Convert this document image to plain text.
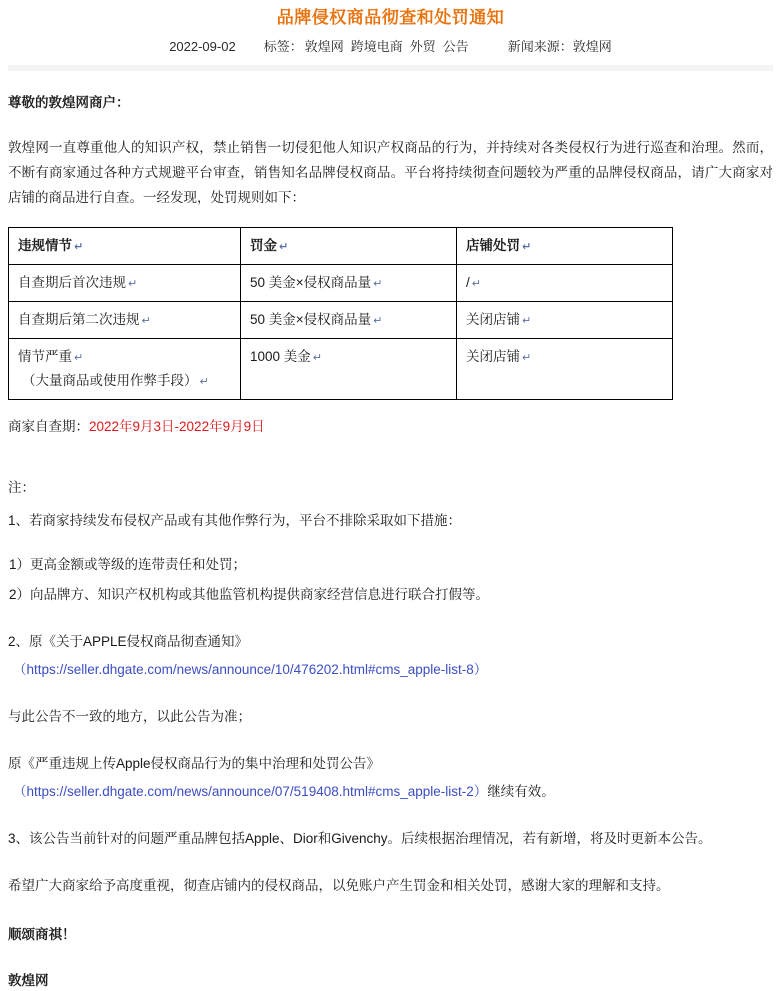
品牌侵权商品彻查和处罚通知
2022-09-02 标签： 敦煌网 跨境电商 外贸 公告	新闻来源： 敦煌网

尊敬的敦煌网商户：

敦煌网一直尊重他人的知识产权，禁止销售一切侵犯他人知识产权商品的行为，并持续对各类侵权行为进行巡查和治理。然而，不断有商家通过各种方式规避平台审查，销售知名品牌侵权商品。平台将持续彻查问题较为严重的品牌侵权商品，请广大商家对店铺的商品进行自查。一经发现，处罚规则如下：

违规情节 ↵	罚金 ↵	店铺处罚 ↵
自查期后首次违规 ↵	50 美金×侵权商品量 ↵	/ ↵
自查期后第二次违规 ↵	50 美金×侵权商品量 ↵	关闭店铺 ↵
情节严重 ↵
（大量商品或使用作弊手段） ↵	1000 美金 ↵	关闭店铺 ↵

商家自查期：2022年9月3日-2022年9月9日

注：

1、若商家持续发布侵权产品或有其他作弊行为，平台不排除采取如下措施：

1）更高金额或等级的连带责任和处罚；

2）向品牌方、知识产权机构或其他监管机构提供商家经营信息进行联合打假等。

2、原《关于APPLE侵权商品彻查通知》

（https://seller.dhgate.com/news/announce/10/476202.html#cms_apple-list-8）

与此公告不一致的地方，以此公告为准；

原《严重违规上传Apple侵权商品行为的集中治理和处罚公告》

（https://seller.dhgate.com/news/announce/07/519408.html#cms_apple-list-2）继续有效。

3、该公告当前针对的问题严重品牌包括Apple、Dior和Givenchy。后续根据治理情况，若有新增，将及时更新本公告。

希望广大商家给予高度重视，彻查店铺内的侵权商品，以免账户产生罚金和相关处罚，感谢大家的理解和支持。

顺颂商祺！

敦煌网
